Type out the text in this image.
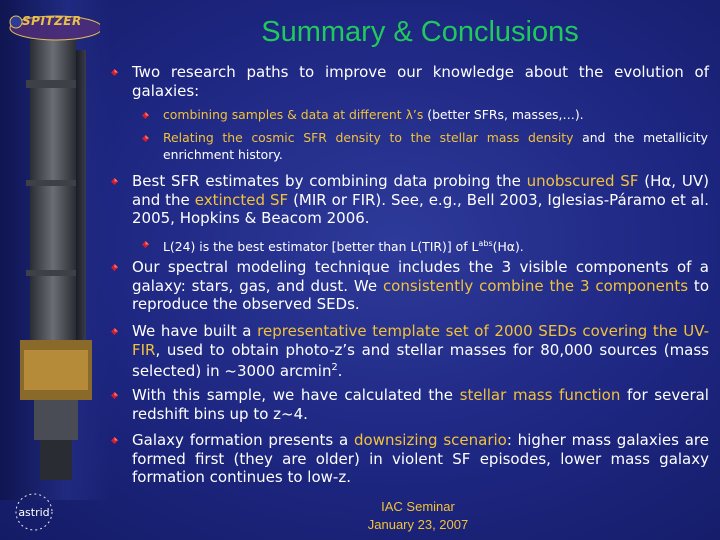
SPITZER	Summary & Conclusions
Two research paths to improve our knowledge about the evolution of galaxies:
combining samples & data at different λ’s (better SFRs, masses,…).
Relating the cosmic SFR density to the stellar mass density and the metallicity enrichment history.
Best SFR estimates by combining data probing the unobscured SF (Hα, UV) and the extincted SF (MIR or FIR). See, e.g., Bell 2003, Iglesias-Páramo et al. 2005, Hopkins & Beacom 2006.
L(24) is the best estimator [better than L(TIR)] of $L^{abs}(H\alpha)$.
Our spectral modeling technique includes the 3 visible components of a galaxy: stars, gas, and dust. We consistently combine the 3 components to reproduce the observed SEDs.
We have built a representative template set of 2000 SEDs covering the UV-FIR, used to obtain photo-z’s and stellar masses for 80,000 sources (mass selected) in ~3000 arcmin$^2$.
With this sample, we have calculated the stellar mass function for several redshift bins up to z~4.
Galaxy formation presents a downsizing scenario: higher mass galaxies are formed first (they are older) in violent SF episodes, lower mass galaxy formation continues to low-z.
astrid	IAC Seminar
January 23, 2007
